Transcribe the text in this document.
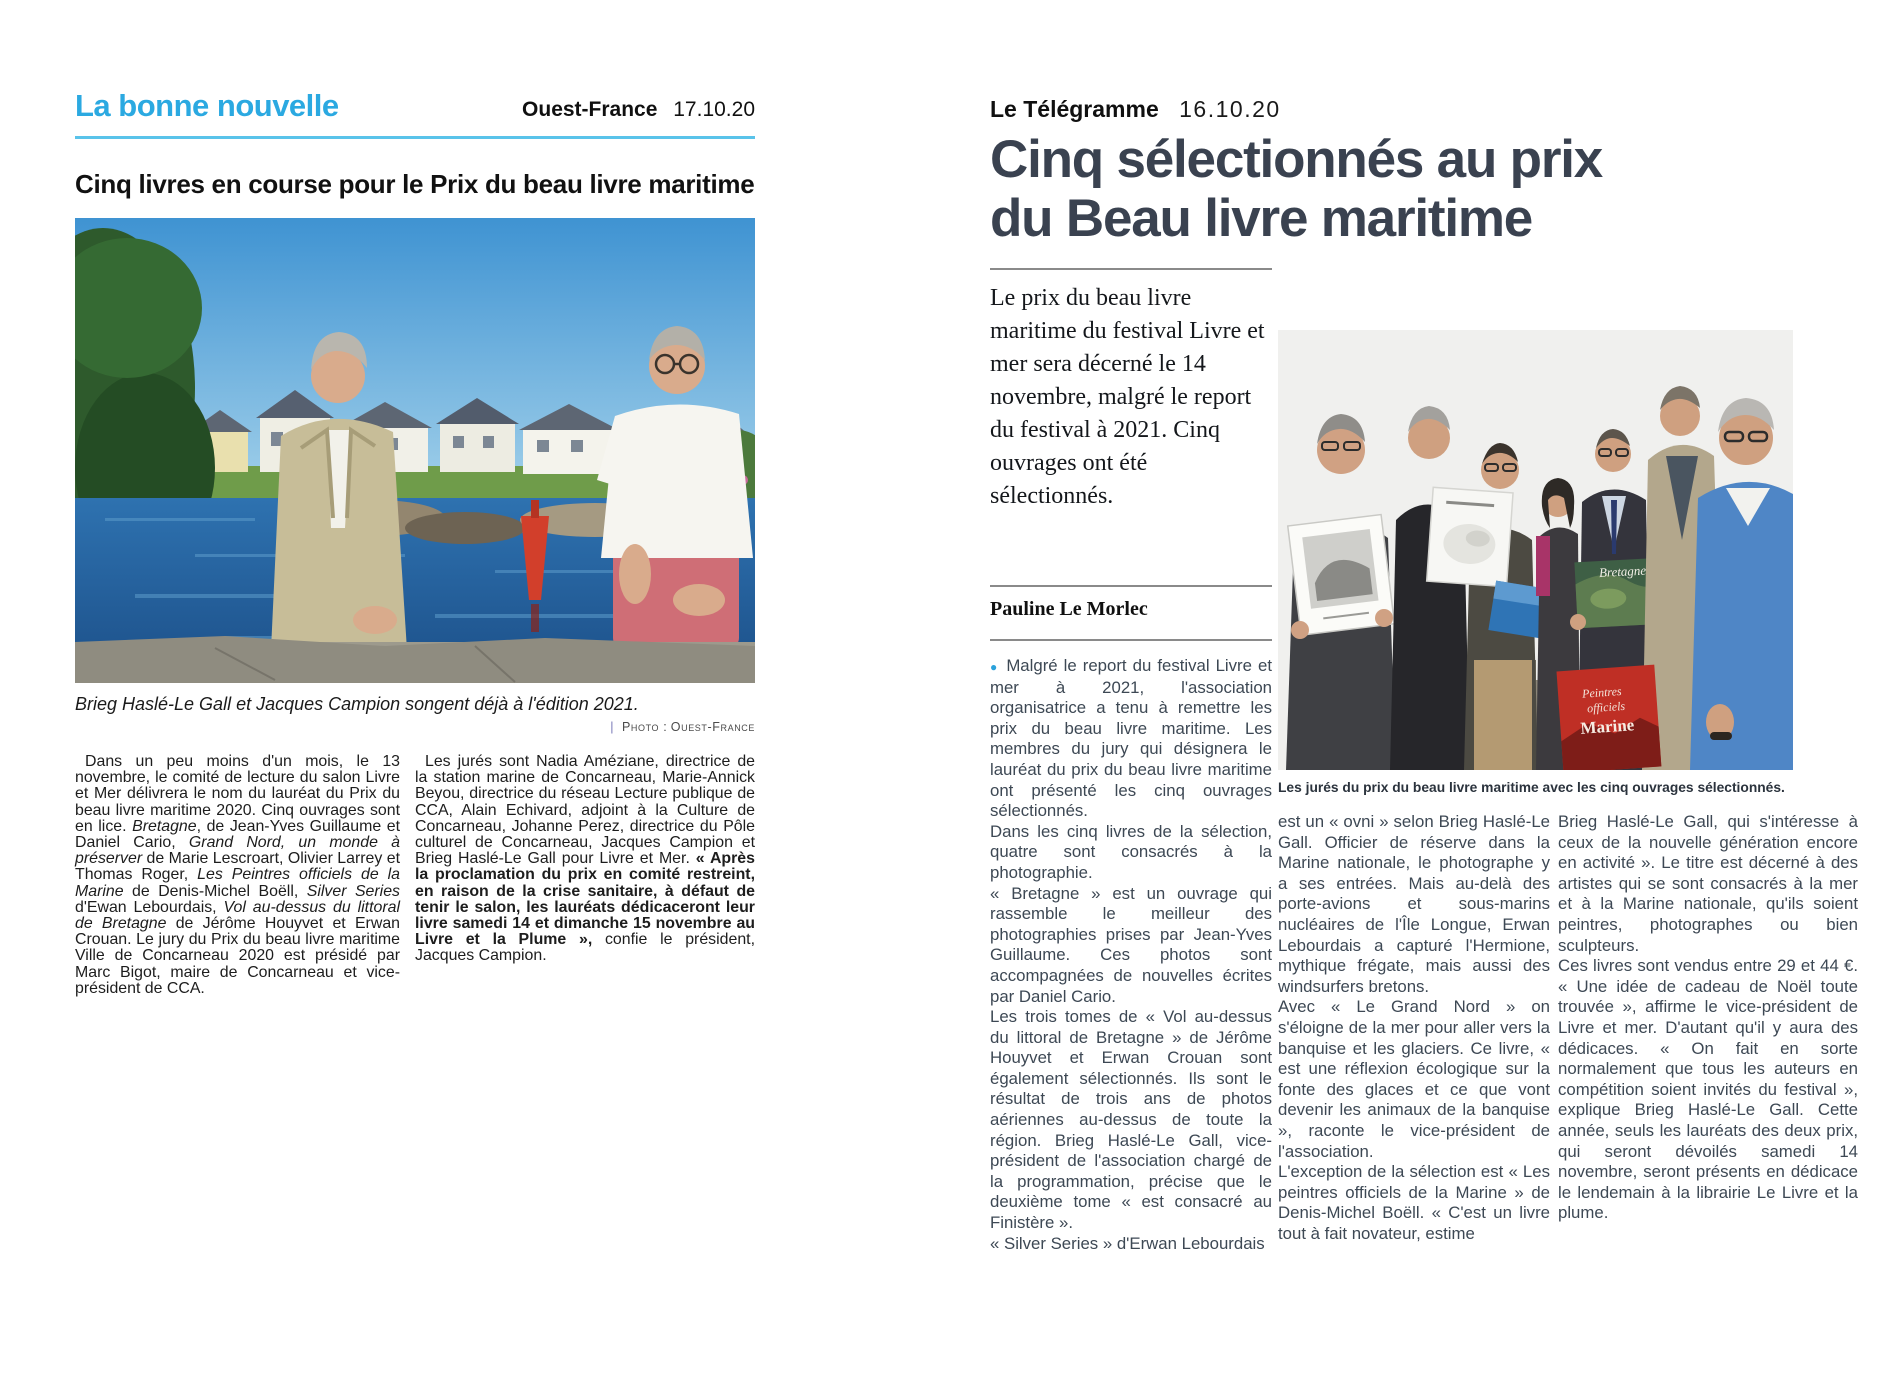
La bonne nouvelle	Ouest-France 17.10.20
Cinq livres en course pour le Prix du beau livre maritime
Brieg Haslé-Le Gall et Jacques Campion songent déjà à l'édition 2021.
| Photo : Ouest-France

Dans un peu moins d'un mois, le 13 novembre, le comité de lecture du salon Livre et Mer délivrera le nom du lauréat du Prix du beau livre maritime 2020. Cinq ouvrages sont en lice. Bretagne, de Jean-Yves Guillaume et Daniel Cario, Grand Nord, un monde à préserver de Marie Lescroart, Olivier Larrey et Thomas Roger, Les Peintres officiels de la Marine de Denis-Michel Boëll, Silver Series d'Ewan Lebourdais, Vol au-dessus du littoral de Bretagne de Jérôme Houyvet et Erwan Crouan. Le jury du Prix du beau livre maritime Ville de Concarneau 2020 est présidé par Marc Bigot, maire de Concarneau et vice-président de CCA.

Les jurés sont Nadia Améziane, directrice de la station marine de Concarneau, Marie-Annick Beyou, directrice du réseau Lecture publique de CCA, Alain Echivard, adjoint à la Culture de Concarneau, Johanne Perez, directrice du Pôle culturel de Concarneau, Jacques Campion et Brieg Haslé-Le Gall pour Livre et Mer. « Après la proclamation du prix en comité restreint, en raison de la crise sanitaire, à défaut de tenir le salon, les lauréats dédicaceront leur livre samedi 14 et dimanche 15 novembre au Livre et la Plume », confie le président, Jacques Campion.

Le Télégramme 16.10.20
Cinq sélectionnés au prix
du Beau livre maritime
Le prix du beau livre maritime du festival Livre et mer sera décerné le 14 novembre, malgré le report du festival à 2021. Cinq ouvrages ont été sélectionnés.
Pauline Le Morlec
Bretagne
Peintres
officiels
Marine
Les jurés du prix du beau livre maritime avec les cinq ouvrages sélectionnés.

● Malgré le report du festival Livre et mer à 2021, l'association organisatrice a tenu à remettre les prix du beau livre maritime. Les membres du jury qui désignera le lauréat du prix du beau livre maritime ont présenté les cinq ouvrages sélectionnés.

Dans les cinq livres de la sélection, quatre sont consacrés à la photographie.

« Bretagne » est un ouvrage qui rassemble le meilleur des photographies prises par Jean-Yves Guillaume. Ces photos sont accompagnées de nouvelles écrites par Daniel Cario.

Les trois tomes de « Vol au-dessus du littoral de Bretagne » de Jérôme Houyvet et Erwan Crouan sont également sélectionnés. Ils sont le résultat de trois ans de photos aériennes au-dessus de toute la région. Brieg Haslé-Le Gall, vice-président de l'association chargé de la programmation, précise que le deuxième tome « est consacré au Finistère ».

« Silver Series » d'Erwan Lebourdais

est un « ovni » selon Brieg Haslé-Le Gall. Officier de réserve dans la Marine nationale, le photographe y a ses entrées. Mais au-delà des porte-avions et sous-marins nucléaires de l'Île Longue, Erwan Lebourdais a capturé l'Hermione, mythique frégate, mais aussi des windsurfers bretons.

Avec « Le Grand Nord » on s'éloigne de la mer pour aller vers la banquise et les glaciers. Ce livre, « est une réflexion écologique sur la fonte des glaces et ce que vont devenir les animaux de la banquise », raconte le vice-président de l'association.

L'exception de la sélection est « Les peintres officiels de la Marine » de Denis-Michel Boëll. « C'est un livre tout à fait novateur, estime

Brieg Haslé-Le Gall, qui s'intéresse à ceux de la nouvelle génération encore en activité ». Le titre est décerné à des artistes qui se sont consacrés à la mer et à la Marine nationale, qu'ils soient peintres, photographes ou bien sculpteurs.

Ces livres sont vendus entre 29 et 44 €. « Une idée de cadeau de Noël toute trouvée », affirme le vice-président de Livre et mer. D'autant qu'il y aura des dédicaces. « On fait en sorte normalement que tous les auteurs en compétition soient invités du festival », explique Brieg Haslé-Le Gall. Cette année, seuls les lauréats des deux prix, qui seront dévoilés samedi 14 novembre, seront présents en dédicace le lendemain à la librairie Le Livre et la plume.
